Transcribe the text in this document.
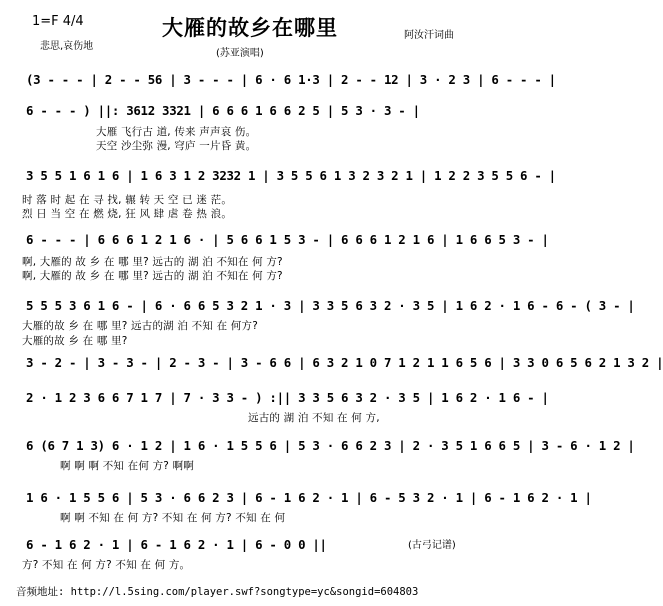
1=F 4/4	大雁的故乡在哪里
悲思,哀伤地
(苏亚演唱)
阿汝汗词曲
(3 - - - | 2 - - 56 | 3 - - - | 6 · 6 1·3 | 2 - - 12 | 3 · 2 3 | 6 - - - |
6 - - - ) ||: 3612 3321 | 6 6 6 1 6 6 2 5 | 5 3 · 3 - |
3 5 5 1 6 1 6 | 1 6 3 1 2 3232 1 | 3 5 5 6 1 3 2 3 2 1 | 1 2 2 3 5 5 6 - |
6 - - - | 6 6 6 1 2 1 6 · | 5 6 6 1 5 3 - | 6 6 6 1 2 1 6 | 1 6 6 5 3 - |
5 5 5 3 6 1 6 - | 6 · 6 6 5 3 2 1 · 3 | 3 3 5 6 3 2 · 3 5 | 1 6 2 · 1 6 - 6 - ( 3 - |
3 - 2 - | 3 - 3 - | 2 - 3 - | 3 - 6 6 | 6 3 2 1 0 7 1 2 1 1 6 5 6 | 3 3 0 6 5 6 2 1 3 2 |
2 · 1 2 3 6 6 7 1 7 | 7 · 3 3 - ) :|| 3 3 5 6 3 2 · 3 5 | 1 6 2 · 1 6 - |
6 (6 7 1 3) 6 · 1 2 | 1 6 · 1 5 5 6 | 5 3 · 6 6 2 3 | 2 · 3 5 1 6 6 5 | 3 - 6 · 1 2 |
1 6 · 1 5 5 6 | 5 3 · 6 6 2 3 | 6 - 1 6 2 · 1 | 6 - 5 3 2 · 1 | 6 - 1 6 2 · 1 |
6 - 1 6 2 · 1 | 6 - 1 6 2 · 1 | 6 - 0 0 ||
大雁 飞行古 道, 传来 声声哀 伤。
天空 沙尘弥 漫, 穹庐 一片昏 黄。
时 落 时 起 在 寻 找, 辗 转 天 空 已 迷 茫。
烈 日 当 空 在 燃 烧, 狂 风 肆 虐 卷 热 浪。
啊, 大雁的 故 乡 在 哪 里? 远古的 湖 泊 不知在 何 方?
啊, 大雁的 故 乡 在 哪 里? 远古的 湖 泊 不知在 何 方?
大雁的故 乡 在 哪 里? 远古的湖 泊 不知 在 何方?
大雁的故 乡 在 哪 里?
远古的 湖 泊 不知 在 何 方,
啊 啊 啊 不知 在何 方? 啊啊
啊 啊 不知 在 何 方? 不知 在 何 方? 不知 在 何
方? 不知 在 何 方? 不知 在 何 方。
(古弓记谱)
音频地址: http://l.5sing.com/player.swf?songtype=yc&songid=604803
